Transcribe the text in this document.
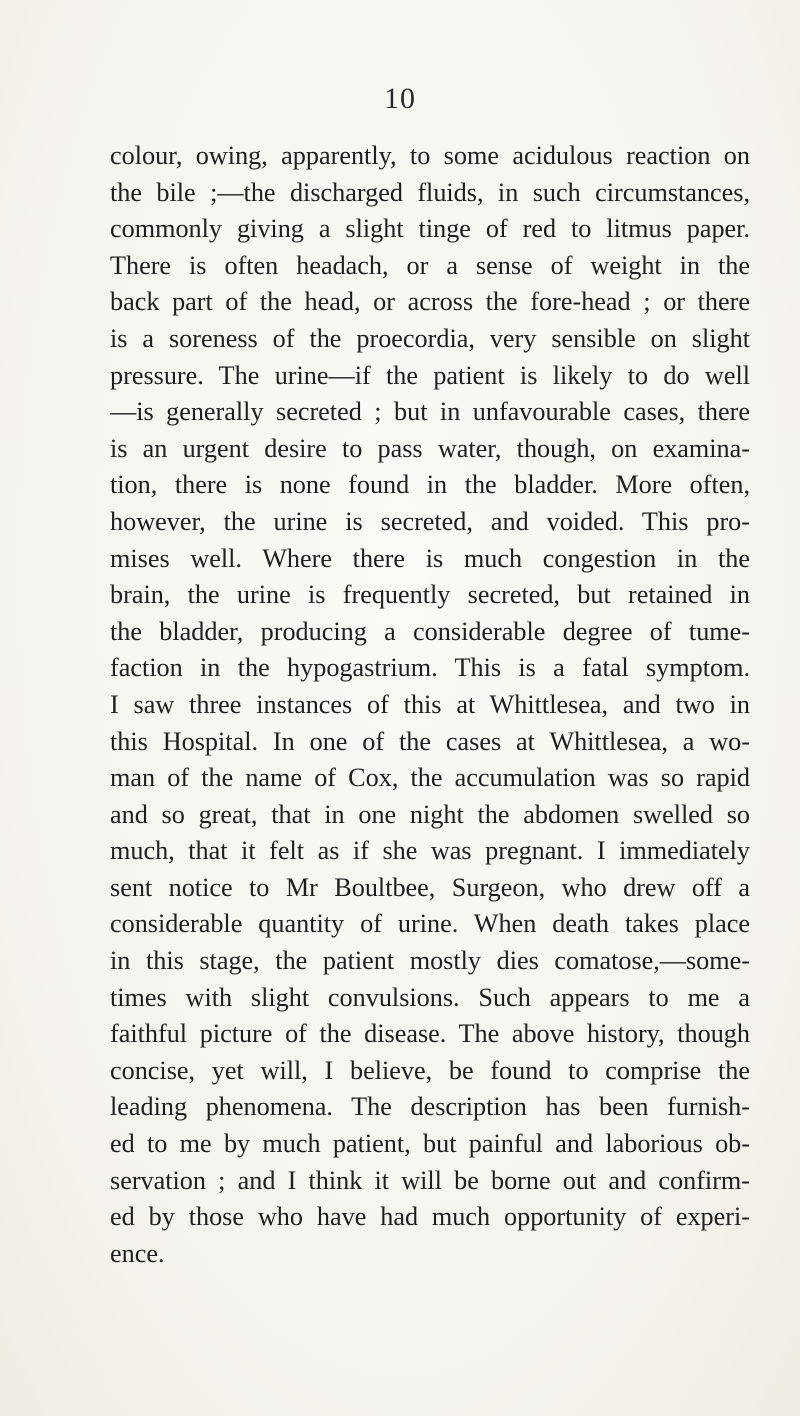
10
colour, owing, apparently, to some acidulous reaction on
the bile ;—the discharged fluids, in such circumstances,
commonly giving a slight tinge of red to litmus paper.
There is often headach, or a sense of weight in the
back part of the head, or across the fore-head ; or there
is a soreness of the proecordia, very sensible on slight
pressure. The urine—if the patient is likely to do well
—is generally secreted ; but in unfavourable cases, there
is an urgent desire to pass water, though, on examina-
tion, there is none found in the bladder. More often,
however, the urine is secreted, and voided. This pro-
mises well. Where there is much congestion in the
brain, the urine is frequently secreted, but retained in
the bladder, producing a considerable degree of tume-
faction in the hypogastrium. This is a fatal symptom.
I saw three instances of this at Whittlesea, and two in
this Hospital. In one of the cases at Whittlesea, a wo-
man of the name of Cox, the accumulation was so rapid
and so great, that in one night the abdomen swelled so
much, that it felt as if she was pregnant. I immediately
sent notice to Mr Boultbee, Surgeon, who drew off a
considerable quantity of urine. When death takes place
in this stage, the patient mostly dies comatose,—some-
times with slight convulsions. Such appears to me a
faithful picture of the disease. The above history, though
concise, yet will, I believe, be found to comprise the
leading phenomena. The description has been furnish-
ed to me by much patient, but painful and laborious ob-
servation ; and I think it will be borne out and confirm-
ed by those who have had much opportunity of experi-
ence.
